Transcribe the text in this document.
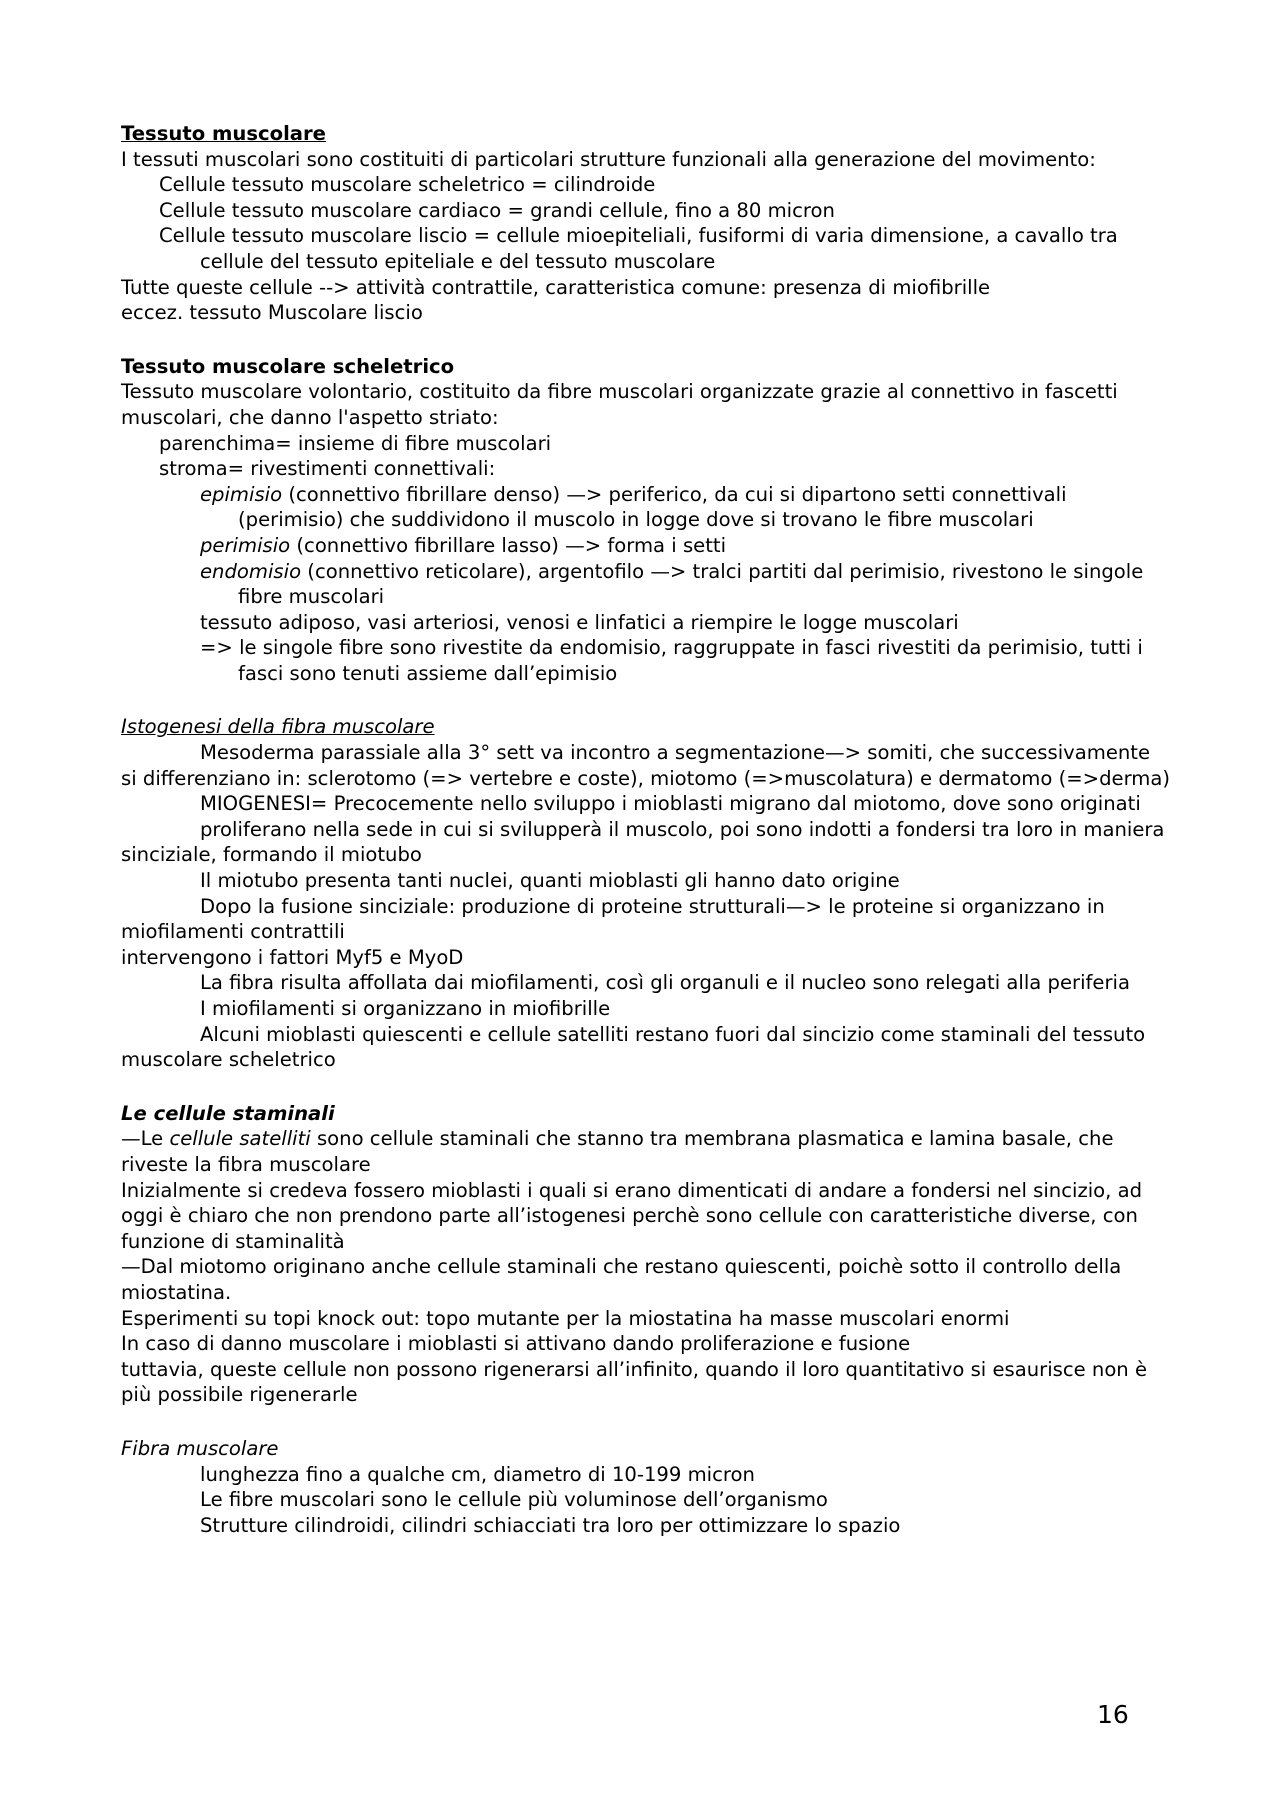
Tessuto muscolare
I tessuti muscolari sono costituiti di particolari strutture funzionali alla generazione del movimento:
Cellule tessuto muscolare scheletrico = cilindroide
Cellule tessuto muscolare cardiaco = grandi cellule, fino a 80 micron
Cellule tessuto muscolare liscio = cellule mioepiteliali, fusiformi di varia dimensione, a cavallo tra cellule del tessuto epiteliale e del tessuto muscolare
Tutte queste cellule --> attività contrattile, caratteristica comune: presenza di miofibrille
eccez. tessuto Muscolare liscio
Tessuto muscolare scheletrico
Tessuto muscolare volontario, costituito da fibre muscolari organizzate grazie al connettivo in fascetti muscolari, che danno l'aspetto striato:
parenchima= insieme di fibre muscolari
stroma= rivestimenti connettivali:
epimisio (connettivo fibrillare denso) —> periferico, da cui si dipartono setti connettivali (perimisio) che suddividono il muscolo in logge dove si trovano le fibre muscolari
perimisio (connettivo fibrillare lasso) —> forma i setti
endomisio (connettivo reticolare), argentofilo —> tralci partiti dal perimisio, rivestono le singole fibre muscolari
tessuto adiposo, vasi arteriosi, venosi e linfatici a riempire le logge muscolari
=> le singole fibre sono rivestite da endomisio, raggruppate in fasci rivestiti da perimisio, tutti i fasci sono tenuti assieme dall’epimisio
Istogenesi della fibra muscolare
Mesoderma parassiale alla 3° sett va incontro a segmentazione—> somiti, che successivamente si differenziano in: sclerotomo (=> vertebre e coste), miotomo (=>muscolatura) e dermatomo (=>derma)
MIOGENESI= Precocemente nello sviluppo i mioblasti migrano dal miotomo, dove sono originati
proliferano nella sede in cui si svilupperà il muscolo, poi sono indotti a fondersi tra loro in maniera sinciziale, formando il miotubo
Il miotubo presenta tanti nuclei, quanti mioblasti gli hanno dato origine
Dopo la fusione sinciziale: produzione di proteine strutturali—> le proteine si organizzano in miofilamenti contrattili
intervengono i fattori Myf5 e MyoD
La fibra risulta affollata dai miofilamenti, così gli organuli e il nucleo sono relegati alla periferia
I miofilamenti si organizzano in miofibrille
Alcuni mioblasti quiescenti e cellule satelliti restano fuori dal sincizio come staminali del tessuto muscolare scheletrico
Le cellule staminali
—Le cellule satelliti sono cellule staminali che stanno tra membrana plasmatica e lamina basale, che riveste la fibra muscolare
Inizialmente si credeva fossero mioblasti i quali si erano dimenticati di andare a fondersi nel sincizio, ad oggi è chiaro che non prendono parte all’istogenesi perchè sono cellule con caratteristiche diverse, con funzione di staminalità
—Dal miotomo originano anche cellule staminali che restano quiescenti, poichè sotto il controllo della miostatina.
Esperimenti su topi knock out: topo mutante per la miostatina ha masse muscolari enormi
In caso di danno muscolare i mioblasti si attivano dando proliferazione e fusione
tuttavia, queste cellule non possono rigenerarsi all’infinito, quando il loro quantitativo si esaurisce non è più possibile rigenerarle
Fibra muscolare
lunghezza fino a qualche cm, diametro di 10-199 micron
Le fibre muscolari sono le cellule più voluminose dell’organismo
Strutture cilindroidi, cilindri schiacciati tra loro per ottimizzare lo spazio
16
